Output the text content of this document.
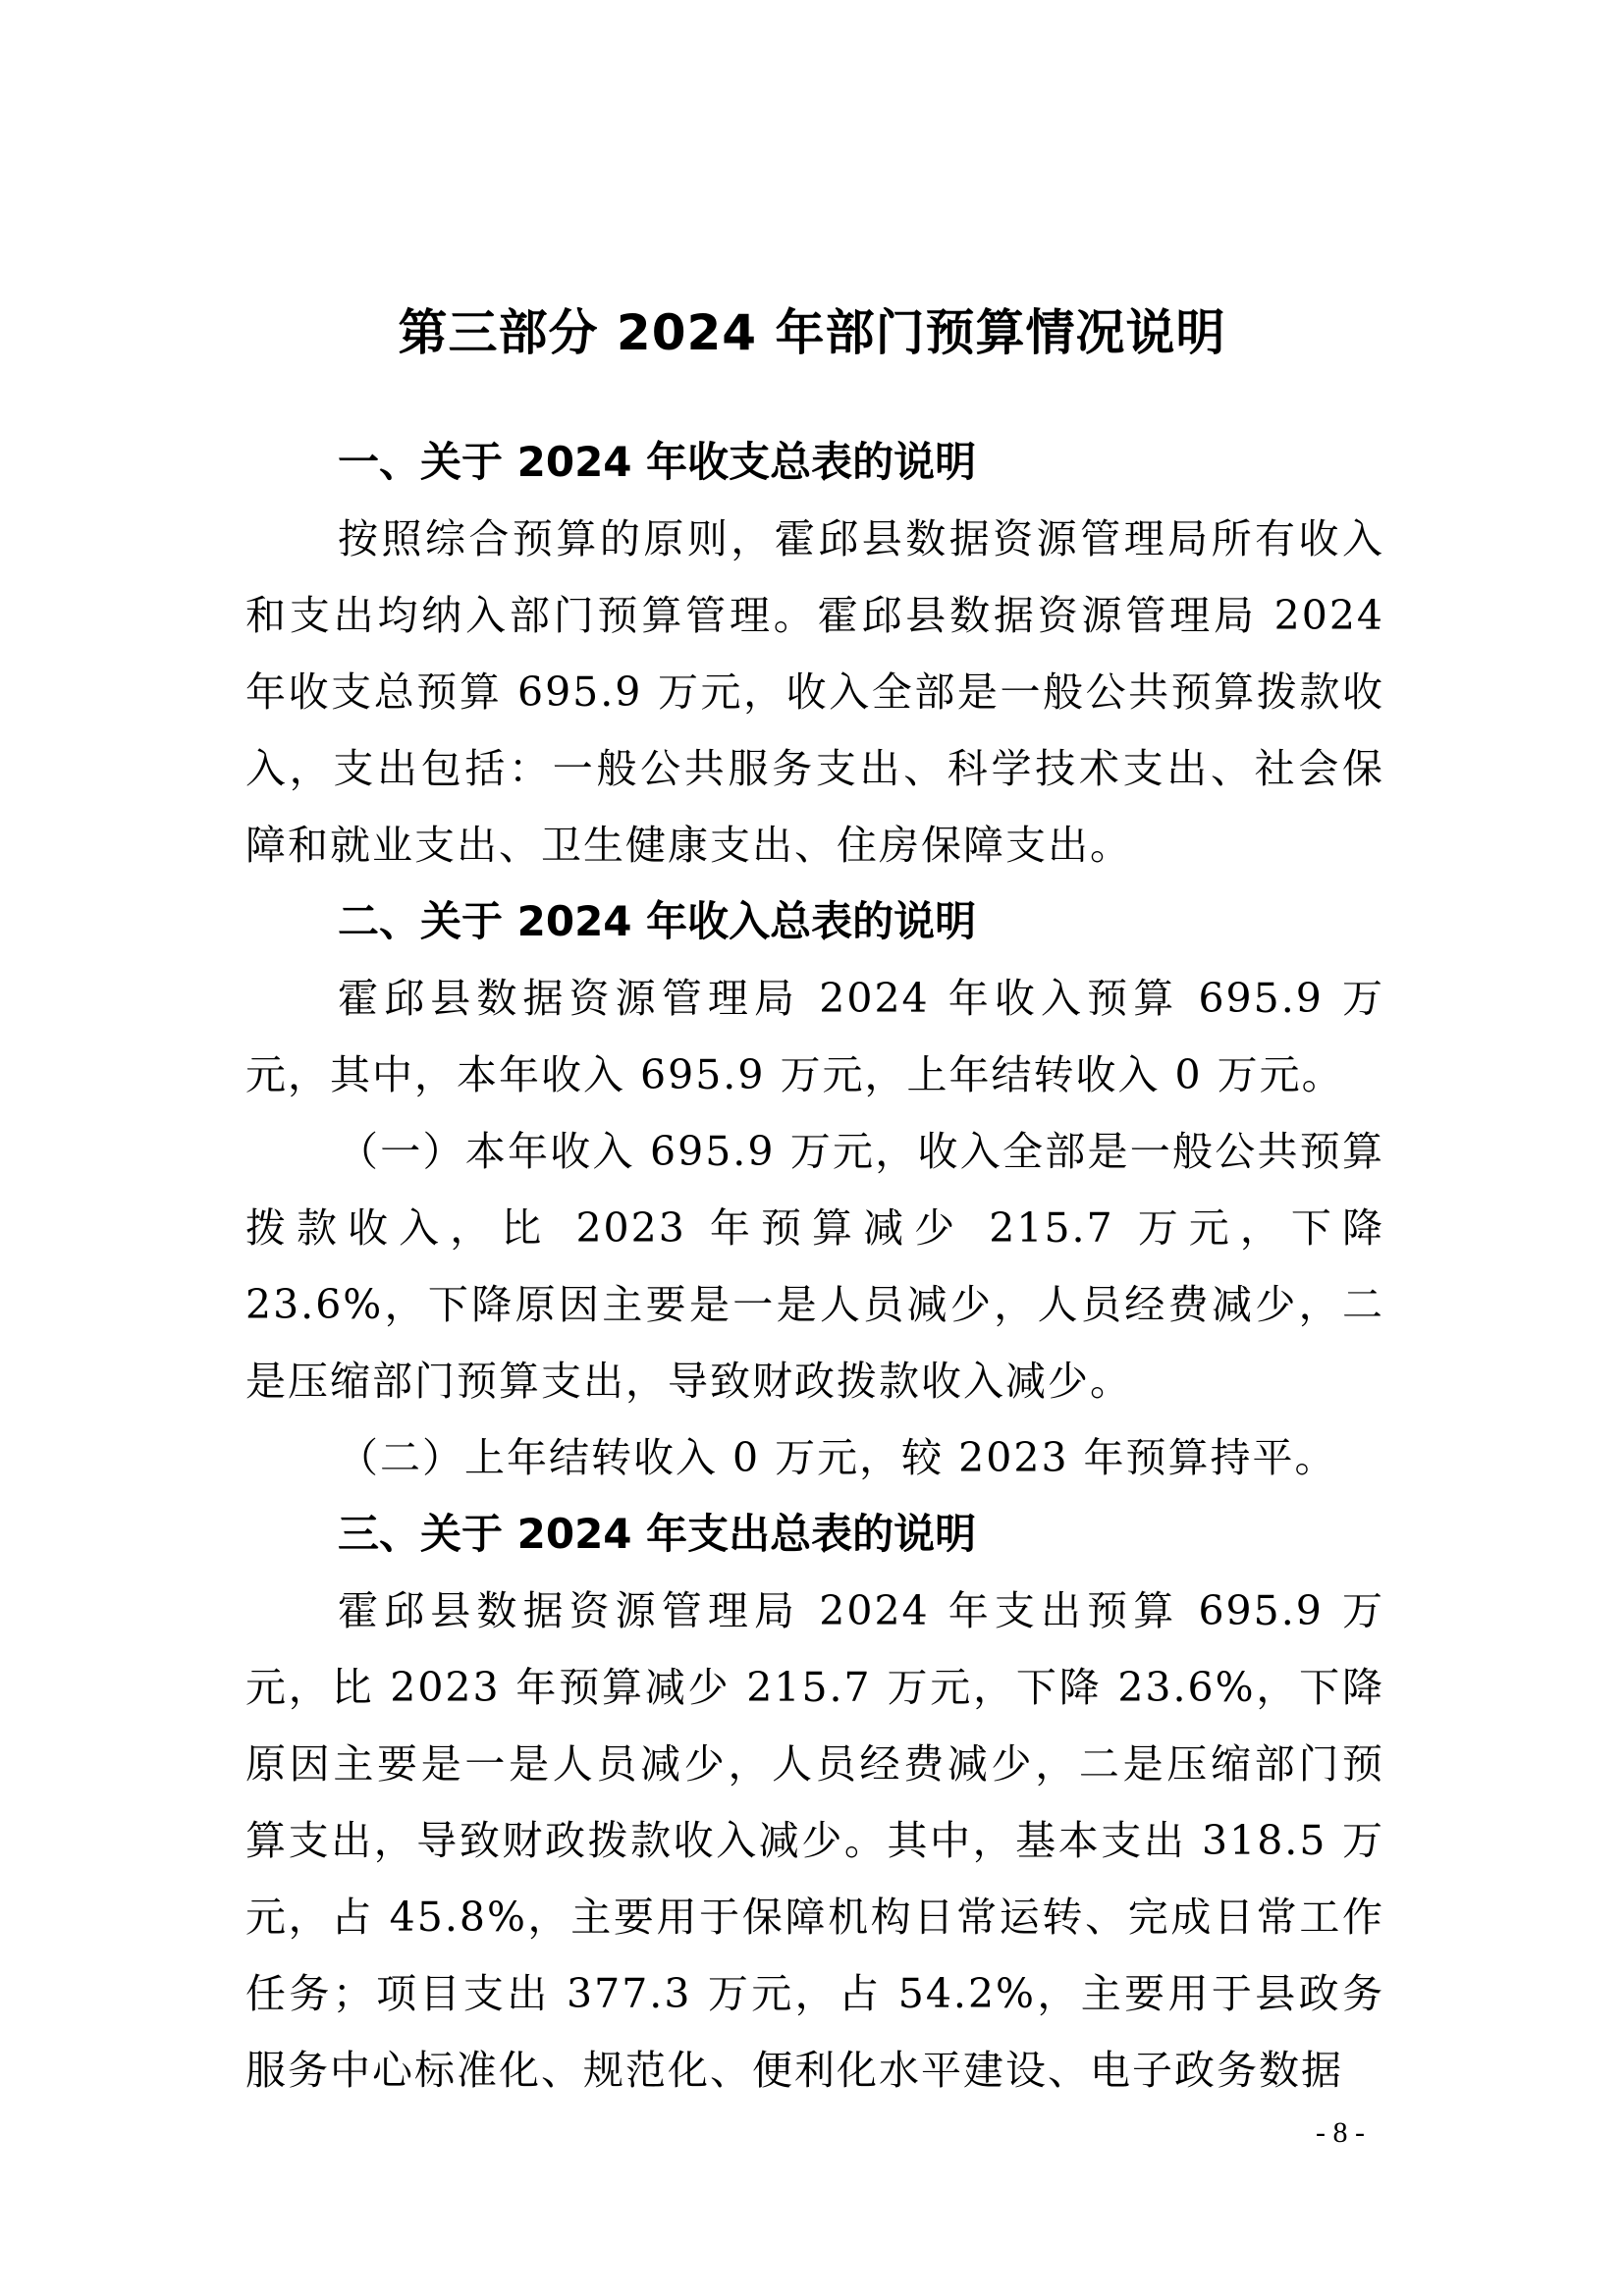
第三部分 2024 年部门预算情况说明
一、关于 2024 年收支总表的说明

按照综合预算的原则，霍邱县数据资源管理局所有收入和支出均纳入部门预算管理。霍邱县数据资源管理局 2024 年收支总预算 695.9 万元，收入全部是一般公共预算拨款收入，支出包括：一般公共服务支出、科学技术支出、社会保障和就业支出、卫生健康支出、住房保障支出。

二、关于 2024 年收入总表的说明

霍邱县数据资源管理局 2024 年收入预算 695.9 万元，其中，本年收入 695.9 万元，上年结转收入 0 万元。

（一）本年收入 695.9 万元，收入全部是一般公共预算拨款收入，比 2023 年预算减少 215.7 万元，下降 23.6%，下降原因主要是一是人员减少，人员经费减少，二是压缩部门预算支出，导致财政拨款收入减少。

（二）上年结转收入 0 万元，较 2023 年预算持平。

三、关于 2024 年支出总表的说明

霍邱县数据资源管理局 2024 年支出预算 695.9 万元，比 2023 年预算减少 215.7 万元，下降 23.6%，下降原因主要是一是人员减少，人员经费减少，二是压缩部门预算支出，导致财政拨款收入减少。其中，基本支出 318.5 万元，占 45.8%，主要用于保障机构日常运转、完成日常工作任务；项目支出 377.3 万元，占 54.2%，主要用于县政务服务中心标准化、规范化、便利化水平建设、电子政务数据

- 8 -
